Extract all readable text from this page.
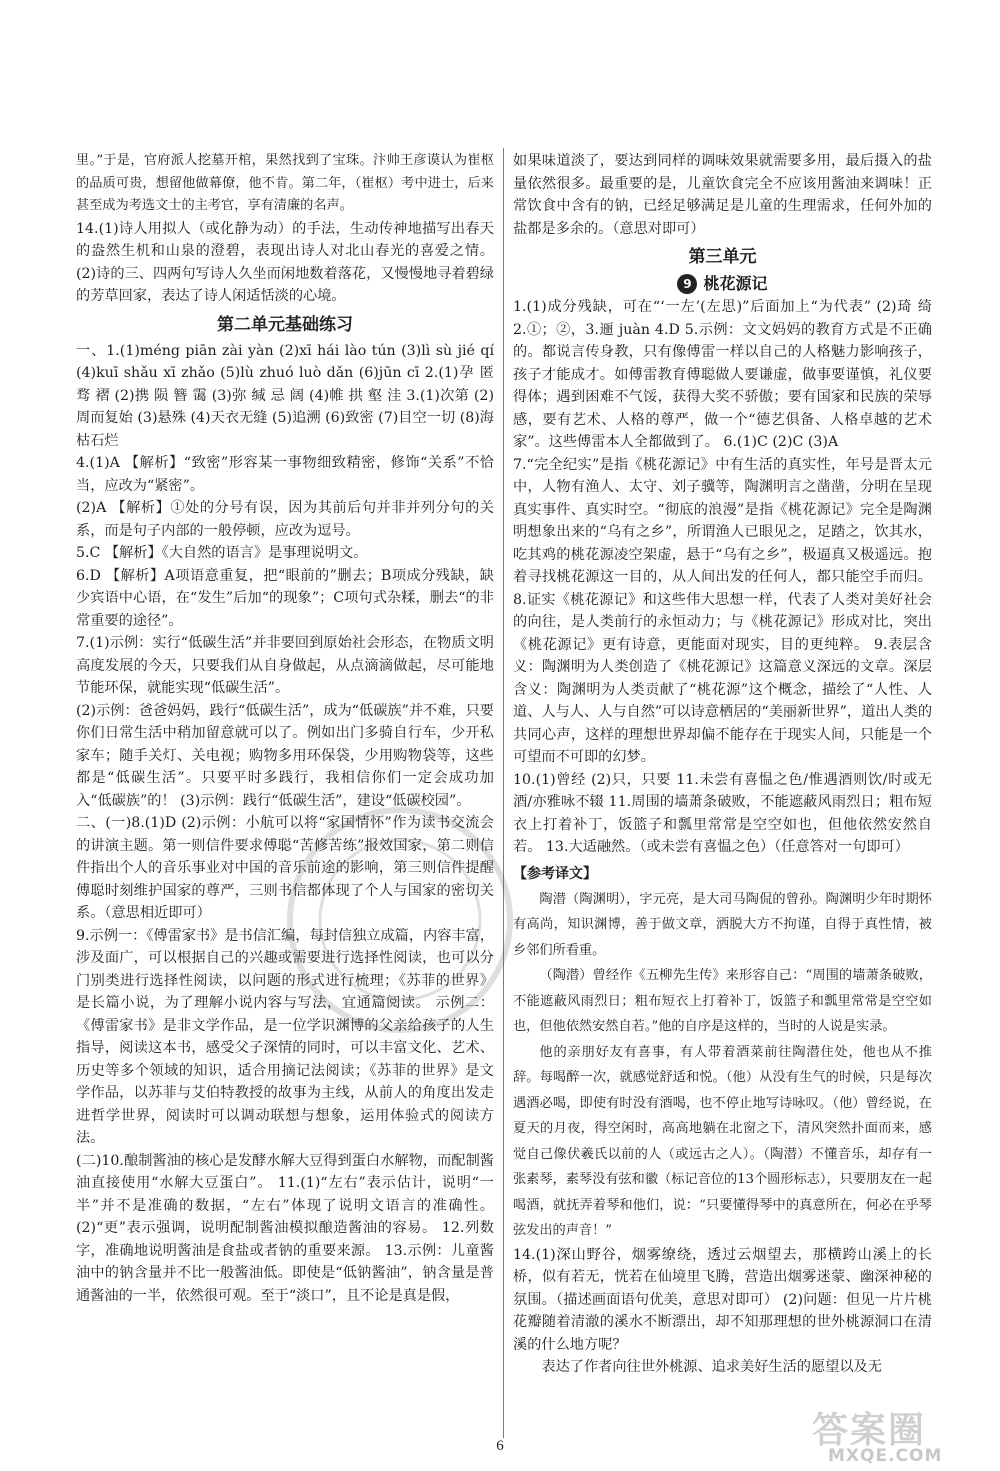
里。”于是，官府派人挖墓开棺，果然找到了宝珠。汴帅王彦谟认为崔枢的品质可贵，想留他做幕僚，他不肯。第二年，（崔枢）考中进士，后来甚至成为考选文士的主考官，享有清廉的名声。

14.(1)诗人用拟人（或化静为动）的手法，生动传神地描写出春天的盎然生机和山泉的澄碧，表现出诗人对北山春光的喜爱之情。 (2)诗的三、四两句写诗人久坐而闲地数着落花，又慢慢地寻着碧绿的芳草回家，表达了诗人闲适恬淡的心境。

第二单元基础练习

一、1.(1)méng piān zài yàn (2)xī hái lào tún (3)lì sù jié qí (4)kuī shǎu xī zhǎo (5)lù zhuó luò dǎn (6)jūn cī 2.(1)孕 匿 骛 褶 (2)携 陨 簪 霭 (3)弥 缄 忌 阔 (4)帷 拱 壑 洼 3.(1)次第 (2)周而复始 (3)悬殊 (4)天衣无缝 (5)追溯 (6)致密 (7)目空一切 (8)海枯石烂

4.(1)A 【解析】“致密”形容某一事物细致精密，修饰“关系”不恰当，应改为“紧密”。

(2)A 【解析】①处的分号有误，因为其前后句并非并列分句的关系，而是句子内部的一般停顿，应改为逗号。

5.C 【解析】《大自然的语言》是事理说明文。

6.D 【解析】A项语意重复，把“眼前的”删去；B项成分残缺，缺少宾语中心语，在“发生”后加“的现象”；C项句式杂糅，删去“的非常重要的途径”。

7.(1)示例：实行“低碳生活”并非要回到原始社会形态，在物质文明高度发展的今天，只要我们从自身做起，从点滴滴做起，尽可能地节能环保，就能实现“低碳生活”。

(2)示例：爸爸妈妈，践行“低碳生活”，成为“低碳族”并不难，只要你们日常生活中稍加留意就可以了。例如出门多骑自行车，少开私家车；随手关灯、关电视；购物多用环保袋，少用购物袋等，这些都是“低碳生活”。只要平时多践行，我相信你们一定会成功加入“低碳族”的！ (3)示例：践行“低碳生活”，建设“低碳校园”。

二、(一)8.(1)D (2)示例：小航可以将“家国情怀”作为读书交流会的讲演主题。第一则信件要求傅聪“苦修苦练”报效国家，第二则信件指出个人的音乐事业对中国的音乐前途的影响，第三则信件提醒傅聪时刻维护国家的尊严，三则书信都体现了个人与国家的密切关系。（意思相近即可）

9.示例一：《傅雷家书》是书信汇编，每封信独立成篇，内容丰富，涉及面广，可以根据自己的兴趣或需要进行选择性阅读，也可以分门别类进行选择性阅读，以问题的形式进行梳理；《苏菲的世界》是长篇小说，为了理解小说内容与写法，宜通篇阅读。 示例二：《傅雷家书》是非文学作品，是一位学识渊博的父亲给孩子的人生指导，阅读这本书，感受父子深情的同时，可以丰富文化、艺术、历史等多个领域的知识，适合用摘记法阅读；《苏菲的世界》是文学作品，以苏菲与艾伯特教授的故事为主线，从前人的角度出发走进哲学世界，阅读时可以调动联想与想象，运用体验式的阅读方法。

(二)10.酿制酱油的核心是发酵水解大豆得到蛋白水解物，而配制酱油直接使用“水解大豆蛋白”。 11.(1)“左右”表示估计，说明“一半”并不是准确的数据，“左右”体现了说明文语言的准确性。 (2)“更”表示强调，说明配制酱油模拟酿造酱油的容易。 12.列数字，准确地说明酱油是食盐或者钠的重要来源。 13.示例：儿童酱油中的钠含量并不比一般酱油低。即使是“低钠酱油”，钠含量是普通酱油的一半，依然很可观。至于“淡口”，且不论是真是假，

如果味道淡了，要达到同样的调味效果就需要多用，最后摄入的盐量依然很多。最重要的是，儿童饮食完全不应该用酱油来调味！正常饮食中含有的钠，已经足够满足是儿童的生理需求，任何外加的盐都是多余的。（意思对即可）

第三单元
9 桃花源记

1.(1)成分残缺，可在“‘一左’(左思)”后面加上“为代表” (2)琦 绮 2.①；②，3.逦 juàn 4.D 5.示例：文文妈妈的教育方式是不正确的。都说言传身教，只有像傅雷一样以自己的人格魅力影响孩子，孩子才能成才。如傅雷教育傅聪做人要谦虚，做事要谨慎，礼仪要得体；遇到困难不气馁，获得大奖不骄傲；要有国家和民族的荣辱感，要有艺术、人格的尊严，做一个“德艺俱备、人格卓越的艺术家”。这些傅雷本人全都做到了。 6.(1)C (2)C (3)A

7.“完全纪实”是指《桃花源记》中有生活的真实性，年号是晋太元中，人物有渔人、太守、刘子骥等，陶渊明言之凿凿，分明在呈现真实事件、真实时空。“彻底的浪漫”是指《桃花源记》完全是陶渊明想象出来的“乌有之乡”，所谓渔人已眼见之，足踏之，饮其水，吃其鸡的桃花源凌空架虚，悬于“乌有之乡”，极逼真又极遥远。抱着寻找桃花源这一目的，从人间出发的任何人，都只能空手而归。 8.证实《桃花源记》和这些伟大思想一样，代表了人类对美好社会的向往，是人类前行的永恒动力；与《桃花源记》形成对比，突出《桃花源记》更有诗意，更能面对现实，目的更纯粹。 9.表层含义：陶渊明为人类创造了《桃花源记》这篇意义深远的文章。深层含义：陶渊明为人类贡献了“桃花源”这个概念，描绘了“人性、人道、人与人、人与自然”可以诗意栖居的“美丽新世界”，道出人类的共同心声，这样的理想世界却偏不能存在于现实人间，只能是一个可望而不可即的幻梦。

10.(1)曾经 (2)只，只要 11.未尝有喜愠之色/惟遇酒则饮/时或无酒/亦雅咏不辍 11.周围的墙萧条破败，不能遮蔽风雨烈日；粗布短衣上打着补丁，饭篮子和瓢里常常是空空如也，但他依然安然自若。 13.大适融然。（或未尝有喜愠之色）（任意答对一句即可）

【参考译文】

陶潜（陶渊明），字元亮，是大司马陶侃的曾孙。陶渊明少年时期怀有高尚，知识渊博，善于做文章，洒脱大方不拘谨，自得于真性情，被乡邻们所看重。

（陶潜）曾经作《五柳先生传》来形容自己：“周围的墙萧条破败，不能遮蔽风雨烈日；粗布短衣上打着补丁，饭篮子和瓢里常常是空空如也，但他依然安然自若。”他的自序是这样的，当时的人说是实录。

他的亲朋好友有喜事，有人带着酒菜前往陶潜住处，他也从不推辞。每喝醉一次，就感觉舒适和悦。（他）从没有生气的时候，只是每次遇酒必喝，即使有时没有酒喝，也不停止地写诗咏叹。（他）曾经说，在夏天的月夜，得空闲时，高高地躺在北窗之下，清风突然扑面而来，感觉自己像伏羲氏以前的人（或远古之人）。（陶潜）不懂音乐，却存有一张素琴，素琴没有弦和徽（标记音位的13个圆形标志），只要朋友在一起喝酒，就抚弄着琴和他们，说：“只要懂得琴中的真意所在，何必在乎琴弦发出的声音！”

14.(1)深山野谷，烟雾缭绕，透过云烟望去，那横跨山溪上的长桥，似有若无，恍若在仙境里飞腾，营造出烟雾迷蒙、幽深神秘的氛围。（描述画面语句优美，意思对即可） (2)问题：但见一片片桃花瓣随着清澈的溪水不断漂出，却不知那理想的世外桃源洞口在清溪的什么地方呢？

表达了作者向往世外桃源、追求美好生活的愿望以及无

6	答案圈
MXQE.COM
